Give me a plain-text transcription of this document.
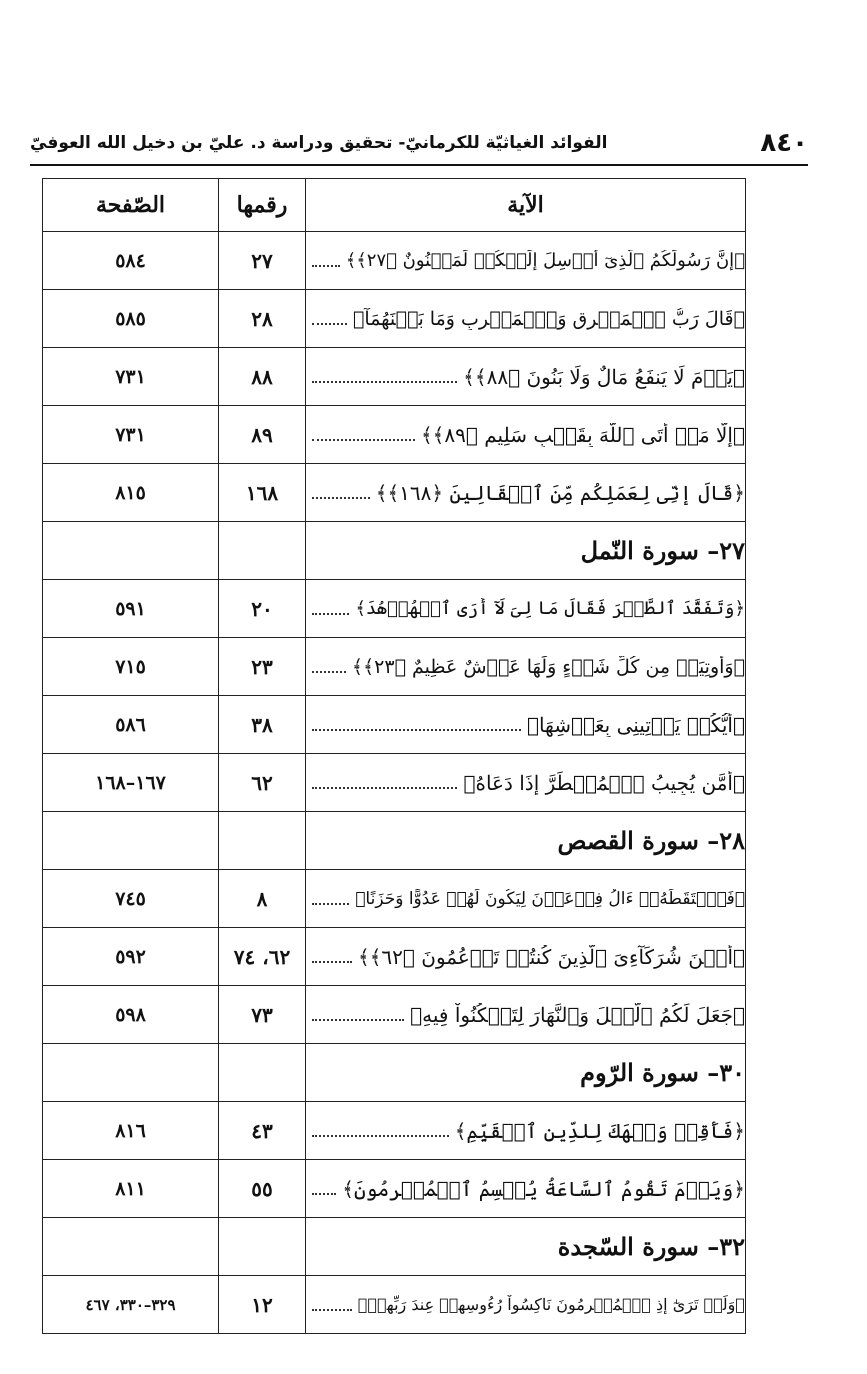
٨٤٠
الفوائد الغياثيّة للكرمانيّ- تحقيق ودراسة د. عليّ بن دخيل الله العوفيّ
الآية	رقمها	الصّفحة

﴿إِنَّ رَسُولَكُمُ ٱلَّذِىٓ أُرۡسِلَ إِلَيۡكُمۡ لَمَجۡنُونٌ ﴿٢٧﴾﴾	٢٧	٥٨٤

﴿قَالَ رَبُّ ٱلۡمَشۡرِقِ وَٱلۡمَغۡرِبِ وَمَا بَيۡنَهُمَآ﴾	٢٨	٥٨٥

﴿يَوۡمَ لَا يَنفَعُ مَالٌ وَلَا بَنُونَ ﴿٨٨﴾﴾	٨٨	٧٣١

﴿إِلَّا مَنۡ أَتَى ٱللَّهَ بِقَلۡبٍ سَلِيمٍ ﴿٨٩﴾﴾	٨٩	٧٣١

﴿قَالَ إِنِّى لِعَمَلِكُم مِّنَ ٱلۡقَالِينَ ﴿١٦٨﴾﴾	١٦٨	٨١٥
٢٧– سورة النّمل		

﴿وَتَفَقَّدَ ٱلطَّيۡرَ فَقَالَ مَا لِىَ لَآ أَرَى ٱلۡهُدۡهُدَ﴾	٢٠	٥٩١

﴿وَأُوتِيَتۡ مِن كُلِّ شَىۡءٍ وَلَهَا عَرۡشٌ عَظِيمٌ ﴿٢٣﴾﴾	٢٣	٧١٥

﴿أَيُّكُمۡ يَأۡتِينِى بِعَرۡشِهَا﴾	٣٨	٥٨٦

﴿أَمَّن يُجِيبُ ٱلۡمُضۡطَرَّ إِذَا دَعَاهُ﴾	٦٢	١٦٧–١٦٨
٢٨– سورة القصص		

﴿فَٱلۡتَقَطَهُۥٓ ءَالُ فِرۡعَوۡنَ لِيَكُونَ لَهُمۡ عَدُوًّا وَحَزَنًا﴾	٨	٧٤٥

﴿أَيۡنَ شُرَكَآءِىَ ٱلَّذِينَ كُنتُمۡ تَزۡعُمُونَ ﴿٦٢﴾﴾	٦٢، ٧٤	٥٩٢

﴿جَعَلَ لَكُمُ ٱلَّيۡلَ وَٱلنَّهَارَ لِتَسۡكُنُواْ فِيهِ﴾	٧٣	٥٩٨
٣٠– سورة الرّوم		

﴿فَأَقِمۡ وَجۡهَكَ لِلدِّينِ ٱلۡقَيِّمِ﴾	٤٣	٨١٦

﴿وَيَوۡمَ تَقُومُ ٱلسَّاعَةُ يُقۡسِمُ ٱلۡمُجۡرِمُونَ﴾	٥٥	٨١١
٣٢– سورة السّجدة		

﴿وَلَوۡ تَرَىٰٓ إِذِ ٱلۡمُجۡرِمُونَ نَاكِسُواْ رُءُوسِهِمۡ عِندَ رَبِّهِمۡ﴾	١٢	٣٢٩–٣٣٠، ٤٦٧
